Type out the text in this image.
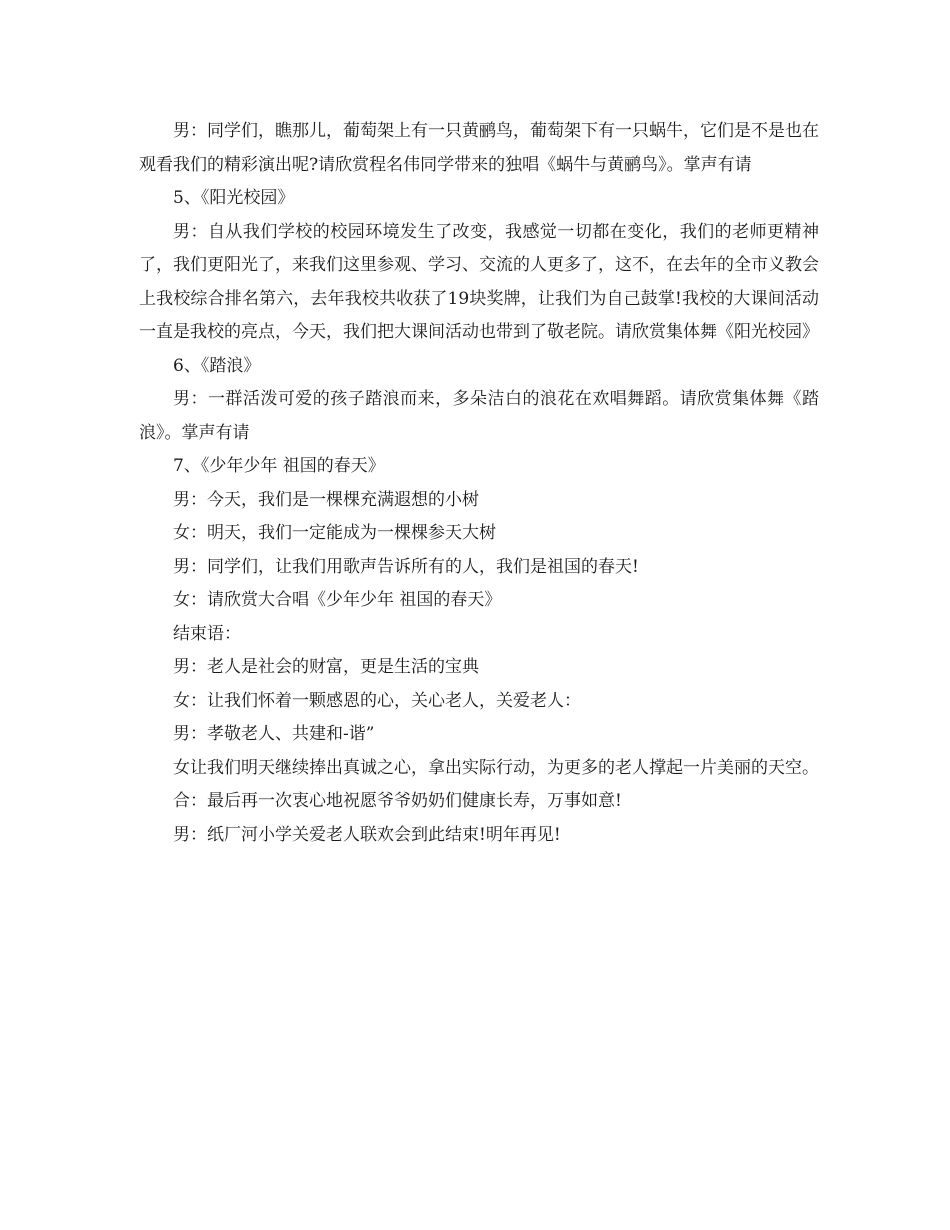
男：同学们，瞧那儿，葡萄架上有一只黄鹂鸟，葡萄架下有一只蜗牛，它们是不是也在观看我们的精彩演出呢?请欣赏程名伟同学带来的独唱《蜗牛与黄鹂鸟》。掌声有请

5、《阳光校园》

男：自从我们学校的校园环境发生了改变，我感觉一切都在变化，我们的老师更精神了，我们更阳光了，来我们这里参观、学习、交流的人更多了，这不，在去年的全市义教会上我校综合排名第六，去年我校共收获了19块奖牌，让我们为自己鼓掌!我校的大课间活动一直是我校的亮点，今天，我们把大课间活动也带到了敬老院。请欣赏集体舞《阳光校园》

6、《踏浪》

男：一群活泼可爱的孩子踏浪而来，多朵洁白的浪花在欢唱舞蹈。请欣赏集体舞《踏浪》。掌声有请

7、《少年少年 祖国的春天》

男：今天，我们是一棵棵充满遐想的小树

女：明天，我们一定能成为一棵棵参天大树

男：同学们，让我们用歌声告诉所有的人，我们是祖国的春天!

女：请欣赏大合唱《少年少年 祖国的春天》

结束语：

男：老人是社会的财富，更是生活的宝典

女：让我们怀着一颗感恩的心，关心老人，关爱老人：

男：孝敬老人、共建和-谐”

女让我们明天继续捧出真诚之心，拿出实际行动，为更多的老人撑起一片美丽的天空。

合：最后再一次衷心地祝愿爷爷奶奶们健康长寿，万事如意!

男：纸厂河小学关爱老人联欢会到此结束!明年再见!
